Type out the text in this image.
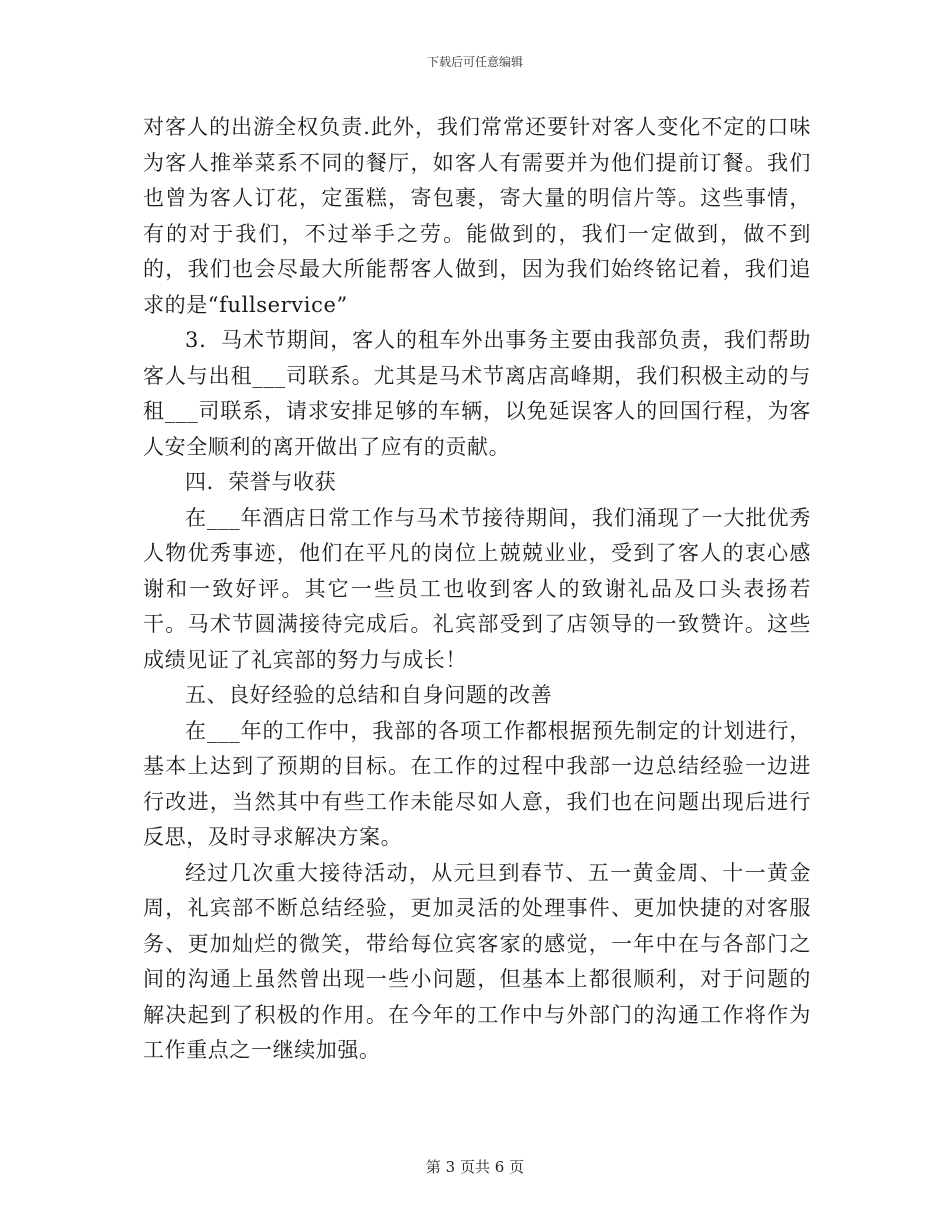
下载后可任意编辑

对客人的出游全权负责.此外，我们常常还要针对客人变化不定的口味为客人推举菜系不同的餐厅，如客人有需要并为他们提前订餐。我们也曾为客人订花，定蛋糕，寄包裹，寄大量的明信片等。这些事情，有的对于我们，不过举手之劳。能做到的，我们一定做到，做不到的，我们也会尽最大所能帮客人做到，因为我们始终铭记着，我们追求的是“fullservice”

3．马术节期间，客人的租车外出事务主要由我部负责，我们帮助客人与出租___司联系。尤其是马术节离店高峰期，我们积极主动的与租___司联系，请求安排足够的车辆，以免延误客人的回国行程，为客人安全顺利的离开做出了应有的贡献。

四．荣誉与收获

在___年酒店日常工作与马术节接待期间，我们涌现了一大批优秀人物优秀事迹，他们在平凡的岗位上兢兢业业，受到了客人的衷心感谢和一致好评。其它一些员工也收到客人的致谢礼品及口头表扬若干。马术节圆满接待完成后。礼宾部受到了店领导的一致赞许。这些成绩见证了礼宾部的努力与成长！

五、良好经验的总结和自身问题的改善

在___年的工作中，我部的各项工作都根据预先制定的计划进行，基本上达到了预期的目标。在工作的过程中我部一边总结经验一边进行改进，当然其中有些工作未能尽如人意，我们也在问题出现后进行反思，及时寻求解决方案。

经过几次重大接待活动，从元旦到春节、五一黄金周、十一黄金周，礼宾部不断总结经验，更加灵活的处理事件、更加快捷的对客服务、更加灿烂的微笑，带给每位宾客家的感觉，一年中在与各部门之间的沟通上虽然曾出现一些小问题，但基本上都很顺利，对于问题的解决起到了积极的作用。在今年的工作中与外部门的沟通工作将作为工作重点之一继续加强。

第 3 页共 6 页
